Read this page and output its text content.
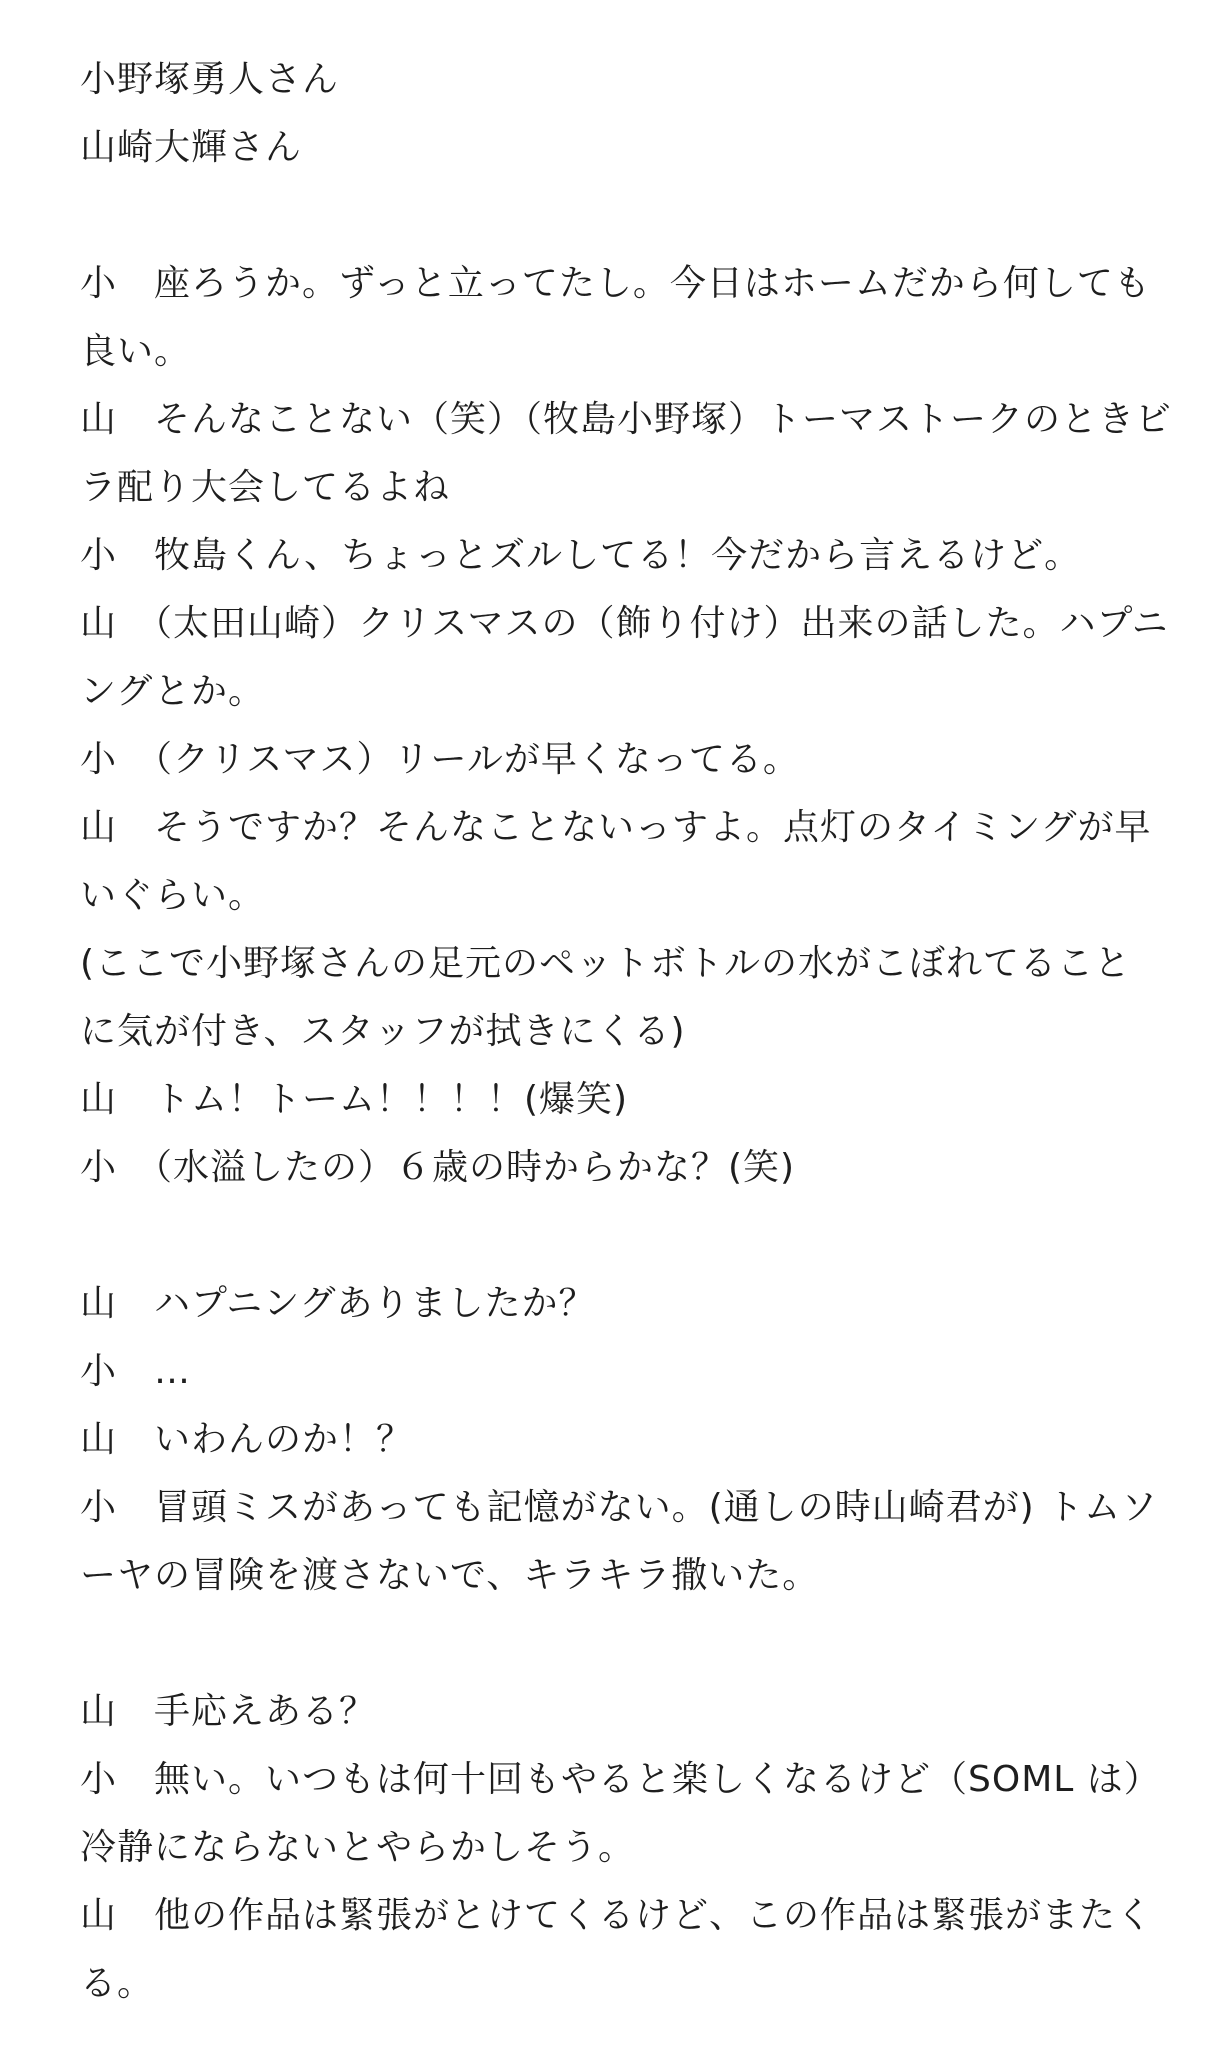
小野塚勇人さん
山崎大輝さん
小　座ろうか。ずっと立ってたし。今日はホームだから何しても
良い。
山　そんなことない（笑）（牧島小野塚）トーマストークのときビ
ラ配り大会してるよね
小　牧島くん、ちょっとズルしてる！今だから言えるけど。
山　（太田山崎）クリスマスの（飾り付け）出来の話した。ハプニ
ングとか。
小　（クリスマス）リールが早くなってる。
山　そうですか？そんなことないっすよ。点灯のタイミングが早
いぐらい。
(ここで小野塚さんの足元のペットボトルの水がこぼれてること
に気が付き、スタッフが拭きにくる)
山　トム！トーム！！！！(爆笑)
小　（水溢したの）６歳の時からかな？(笑)
山　ハプニングありましたか？
小　…
山　いわんのか！？
小　冒頭ミスがあっても記憶がない。(通しの時山崎君が) トムソ
ーヤの冒険を渡さないで、キラキラ撒いた。
山　手応えある？
小　無い。いつもは何十回もやると楽しくなるけど（SOML は）
冷静にならないとやらかしそう。
山　他の作品は緊張がとけてくるけど、この作品は緊張がまたく
る。
